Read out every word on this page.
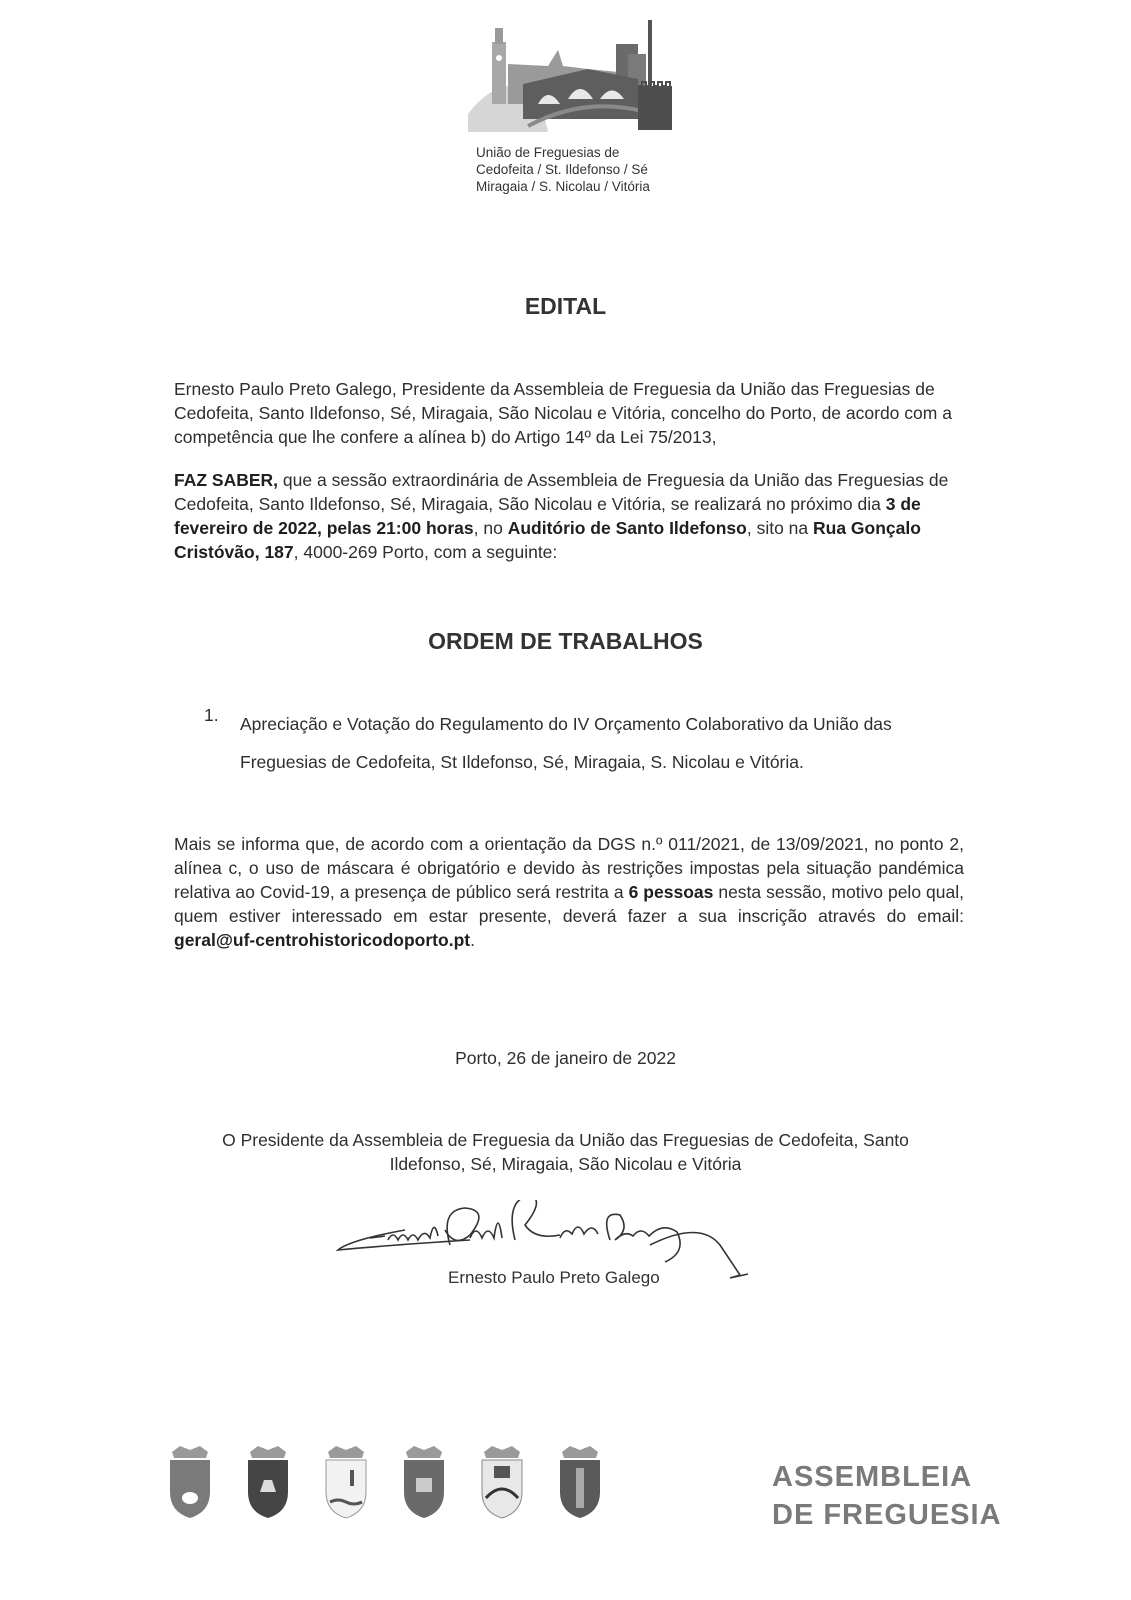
União de Freguesias de
Cedofeita / St. Ildefonso / Sé
Miragaia / S. Nicolau / Vitória
EDITAL
Ernesto Paulo Preto Galego, Presidente da Assembleia de Freguesia da União das Freguesias de Cedofeita, Santo Ildefonso, Sé, Miragaia, São Nicolau e Vitória, concelho do Porto, de acordo com a competência que lhe confere a alínea b) do Artigo 14º da Lei 75/2013,
FAZ SABER, que a sessão extraordinária de Assembleia de Freguesia da União das Freguesias de Cedofeita, Santo Ildefonso, Sé, Miragaia, São Nicolau e Vitória, se realizará no próximo dia 3 de fevereiro de 2022, pelas 21:00 horas, no Auditório de Santo Ildefonso, sito na Rua Gonçalo Cristóvão, 187, 4000-269 Porto, com a seguinte:
ORDEM DE TRABALHOS
1. Apreciação e Votação do Regulamento do IV Orçamento Colaborativo da União das Freguesias de Cedofeita, St Ildefonso, Sé, Miragaia, S. Nicolau e Vitória.
Mais se informa que, de acordo com a orientação da DGS n.º 011/2021, de 13/09/2021, no ponto 2, alínea c, o uso de máscara é obrigatório e devido às restrições impostas pela situação pandémica relativa ao Covid-19, a presença de público será restrita a 6 pessoas nesta sessão, motivo pelo qual, quem estiver interessado em estar presente, deverá fazer a sua inscrição através do email: geral@uf-centrohistoricodoporto.pt.
Porto, 26 de janeiro de 2022
O Presidente da Assembleia de Freguesia da União das Freguesias de Cedofeita, Santo
Ildefonso, Sé, Miragaia, São Nicolau e Vitória
Ernesto Paulo Preto Galego
Ernesto Paulo Preto Galego
ASSEMBLEIA
DE FREGUESIA
